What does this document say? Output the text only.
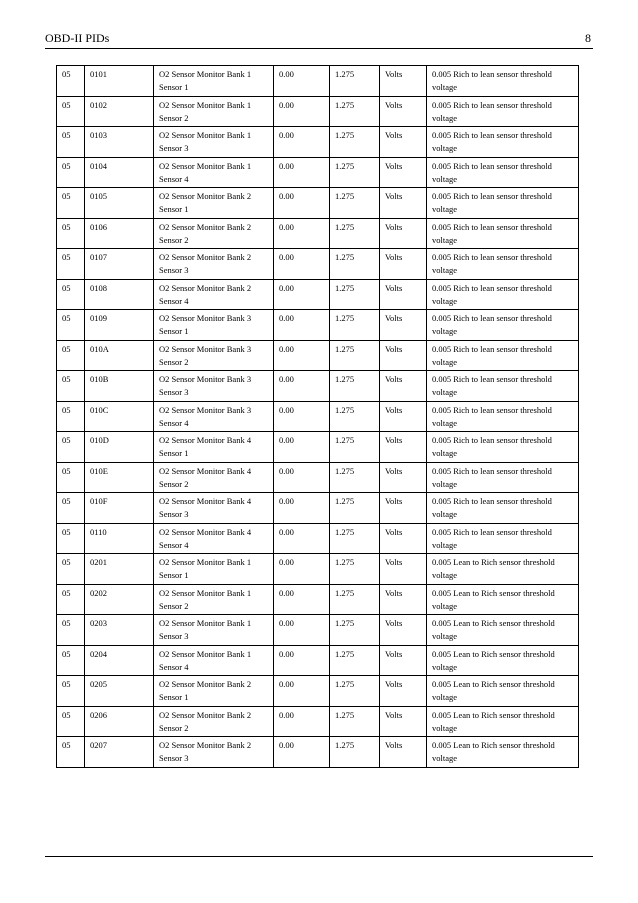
OBD-II PIDs	8
05	0101	O2 Sensor Monitor Bank 1 Sensor 1	0.00	1.275	Volts	0.005 Rich to lean sensor threshold voltage
05	0102	O2 Sensor Monitor Bank 1 Sensor 2	0.00	1.275	Volts	0.005 Rich to lean sensor threshold voltage
05	0103	O2 Sensor Monitor Bank 1 Sensor 3	0.00	1.275	Volts	0.005 Rich to lean sensor threshold voltage
05	0104	O2 Sensor Monitor Bank 1 Sensor 4	0.00	1.275	Volts	0.005 Rich to lean sensor threshold voltage
05	0105	O2 Sensor Monitor Bank 2 Sensor 1	0.00	1.275	Volts	0.005 Rich to lean sensor threshold voltage
05	0106	O2 Sensor Monitor Bank 2 Sensor 2	0.00	1.275	Volts	0.005 Rich to lean sensor threshold voltage
05	0107	O2 Sensor Monitor Bank 2 Sensor 3	0.00	1.275	Volts	0.005 Rich to lean sensor threshold voltage
05	0108	O2 Sensor Monitor Bank 2 Sensor 4	0.00	1.275	Volts	0.005 Rich to lean sensor threshold voltage
05	0109	O2 Sensor Monitor Bank 3 Sensor 1	0.00	1.275	Volts	0.005 Rich to lean sensor threshold voltage
05	010A	O2 Sensor Monitor Bank 3 Sensor 2	0.00	1.275	Volts	0.005 Rich to lean sensor threshold voltage
05	010B	O2 Sensor Monitor Bank 3 Sensor 3	0.00	1.275	Volts	0.005 Rich to lean sensor threshold voltage
05	010C	O2 Sensor Monitor Bank 3 Sensor 4	0.00	1.275	Volts	0.005 Rich to lean sensor threshold voltage
05	010D	O2 Sensor Monitor Bank 4 Sensor 1	0.00	1.275	Volts	0.005 Rich to lean sensor threshold voltage
05	010E	O2 Sensor Monitor Bank 4 Sensor 2	0.00	1.275	Volts	0.005 Rich to lean sensor threshold voltage
05	010F	O2 Sensor Monitor Bank 4 Sensor 3	0.00	1.275	Volts	0.005 Rich to lean sensor threshold voltage
05	0110	O2 Sensor Monitor Bank 4 Sensor 4	0.00	1.275	Volts	0.005 Rich to lean sensor threshold voltage
05	0201	O2 Sensor Monitor Bank 1 Sensor 1	0.00	1.275	Volts	0.005 Lean to Rich sensor threshold voltage
05	0202	O2 Sensor Monitor Bank 1 Sensor 2	0.00	1.275	Volts	0.005 Lean to Rich sensor threshold voltage
05	0203	O2 Sensor Monitor Bank 1 Sensor 3	0.00	1.275	Volts	0.005 Lean to Rich sensor threshold voltage
05	0204	O2 Sensor Monitor Bank 1 Sensor 4	0.00	1.275	Volts	0.005 Lean to Rich sensor threshold voltage
05	0205	O2 Sensor Monitor Bank 2 Sensor 1	0.00	1.275	Volts	0.005 Lean to Rich sensor threshold voltage
05	0206	O2 Sensor Monitor Bank 2 Sensor 2	0.00	1.275	Volts	0.005 Lean to Rich sensor threshold voltage
05	0207	O2 Sensor Monitor Bank 2 Sensor 3	0.00	1.275	Volts	0.005 Lean to Rich sensor threshold voltage
